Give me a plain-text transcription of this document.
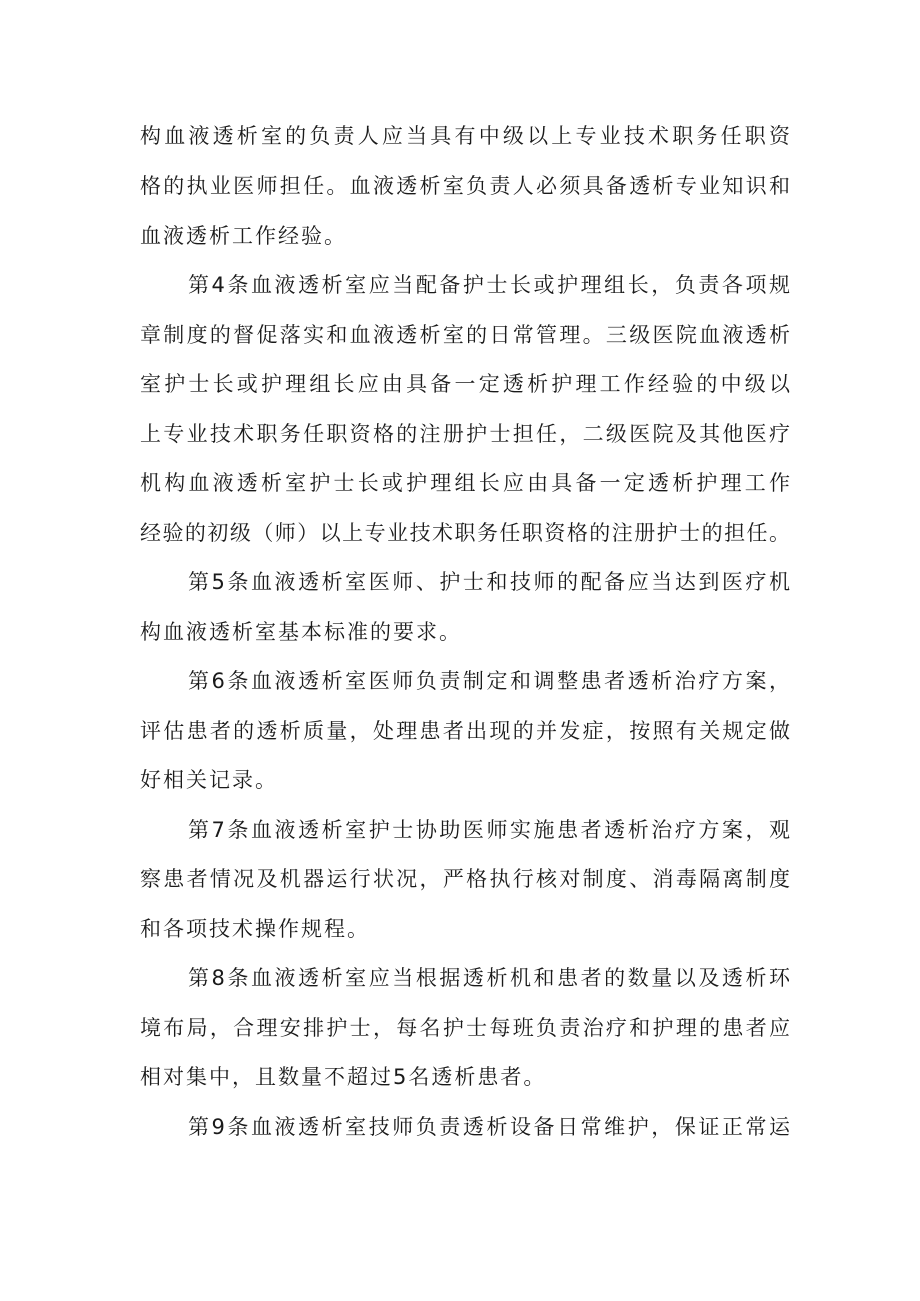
构血液透析室的负责人应当具有中级以上专业技术职务任职资
格的执业医师担任。血液透析室负责人必须具备透析专业知识和
血液透析工作经验。
第4条血液透析室应当配备护士长或护理组长，负责各项规
章制度的督促落实和血液透析室的日常管理。三级医院血液透析
室护士长或护理组长应由具备一定透析护理工作经验的中级以
上专业技术职务任职资格的注册护士担任，二级医院及其他医疗
机构血液透析室护士长或护理组长应由具备一定透析护理工作
经验的初级（师）以上专业技术职务任职资格的注册护士的担任。
第5条血液透析室医师、护士和技师的配备应当达到医疗机
构血液透析室基本标准的要求。
第6条血液透析室医师负责制定和调整患者透析治疗方案，
评估患者的透析质量，处理患者出现的并发症，按照有关规定做
好相关记录。
第7条血液透析室护士协助医师实施患者透析治疗方案，观
察患者情况及机器运行状况，严格执行核对制度、消毒隔离制度
和各项技术操作规程。
第8条血液透析室应当根据透析机和患者的数量以及透析环
境布局，合理安排护士，每名护士每班负责治疗和护理的患者应
相对集中，且数量不超过5名透析患者。
第9条血液透析室技师负责透析设备日常维护，保证正常运
